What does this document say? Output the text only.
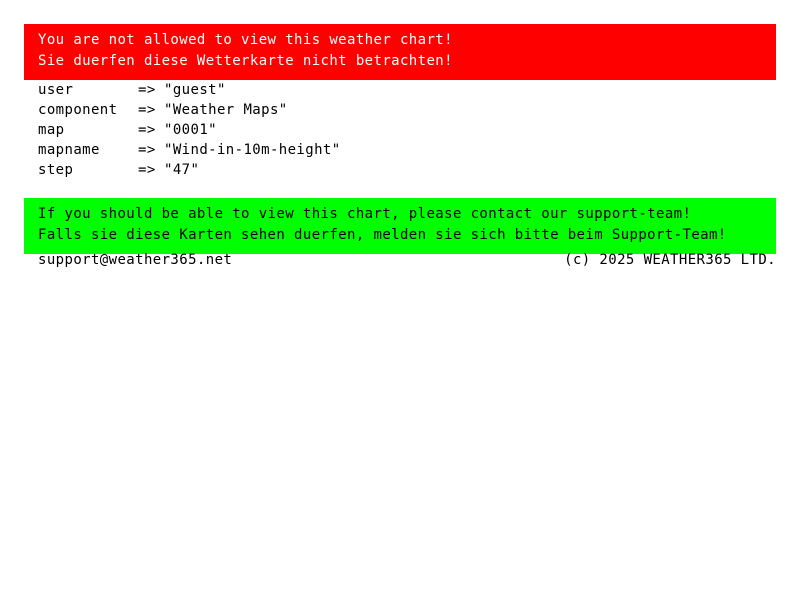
You are not allowed to view this weather chart!
Sie duerfen diese Wetterkarte nicht betrachten!
user	=>	"guest"
component	=>	"Weather Maps"
map	=>	"0001"
mapname	=>	"Wind-in-10m-height"
step	=>	"47"
If you should be able to view this chart, please contact our support-team!
Falls sie diese Karten sehen duerfen, melden sie sich bitte beim Support-Team!
support@weather365.net	(c) 2025 WEATHER365 LTD.
